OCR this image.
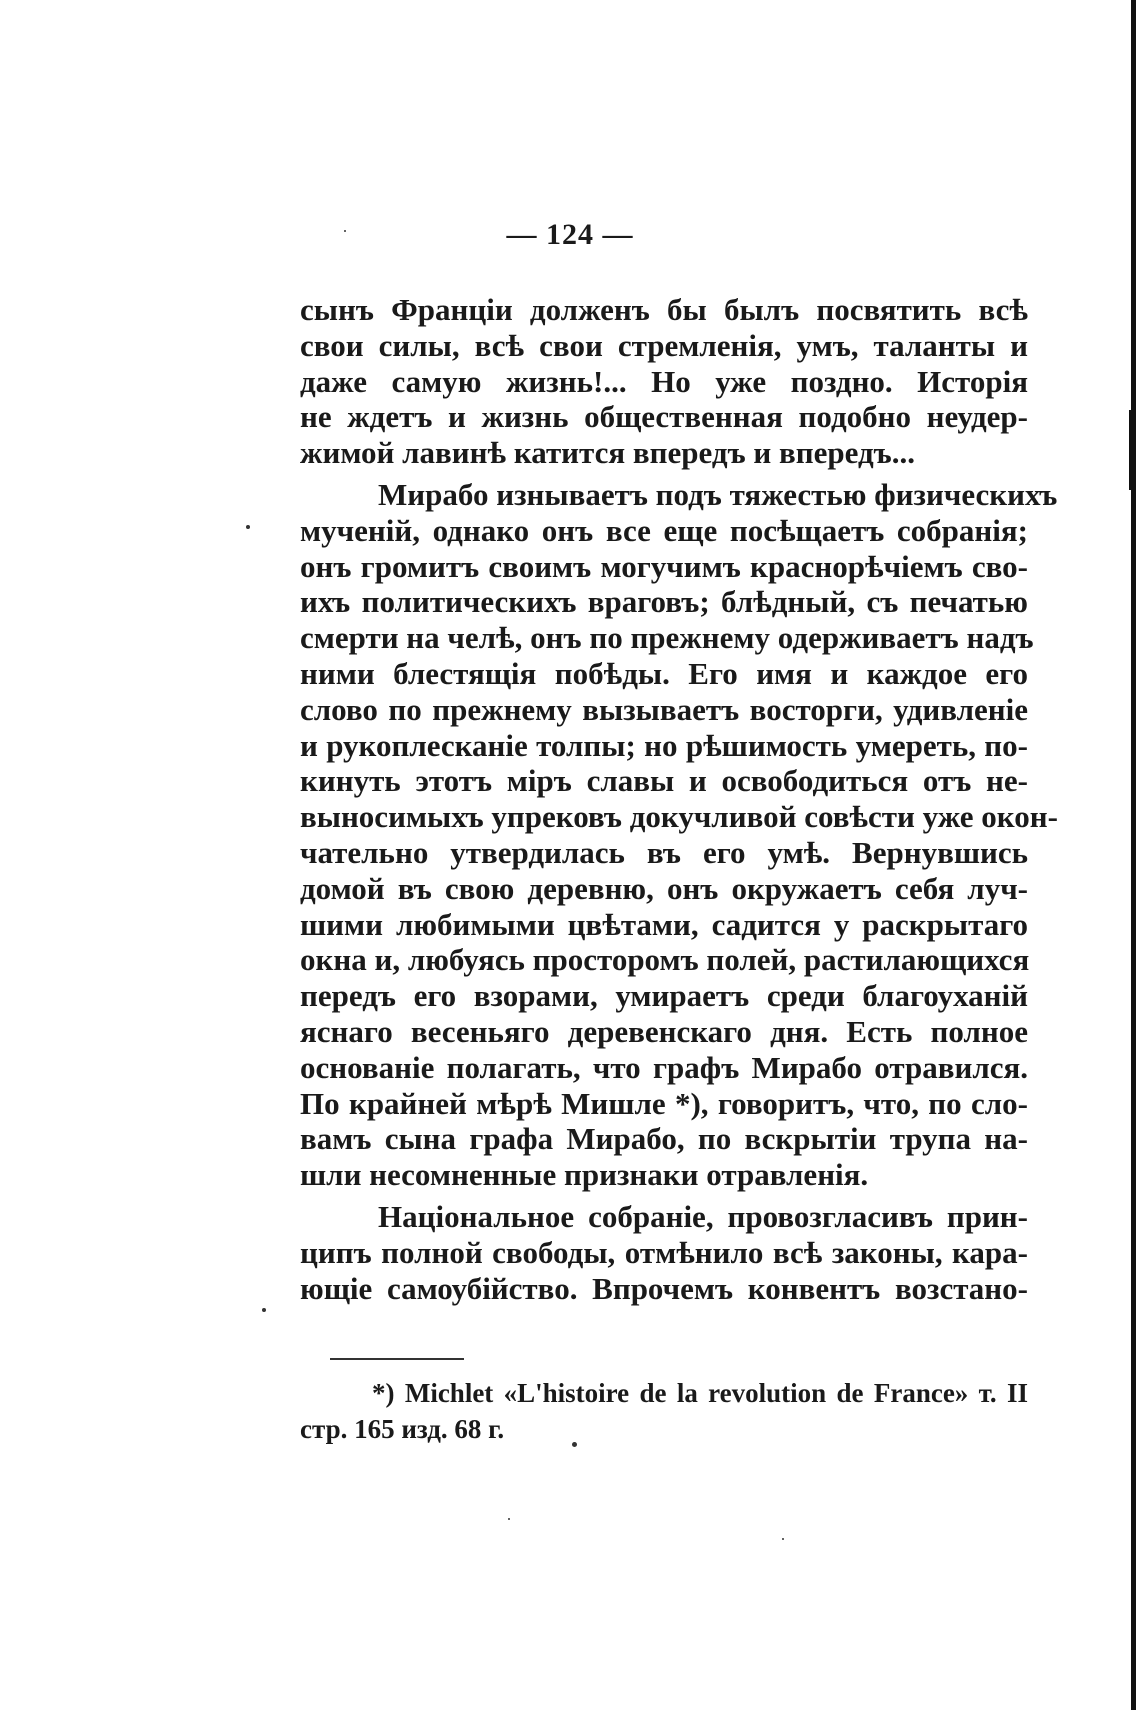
— 124 —

сынъ Франціи долженъ бы былъ посвятить всѣ
свои силы, всѣ свои стремленія, умъ, таланты и
даже самую жизнь!... Но уже поздно. Исторія
не ждетъ и жизнь общественная подобно неудер-
жимой лавинѣ катится впередъ и впередъ...

Мирабо изнываетъ подъ тяжестью физическихъ
мученій, однако онъ все еще посѣщаетъ собранія;
онъ громитъ своимъ могучимъ краснорѣчіемъ сво-
ихъ политическихъ враговъ; блѣдный, съ печатью
смерти на челѣ, онъ по прежнему одерживаетъ надъ
ними блестящія побѣды. Его имя и каждое его
слово по прежнему вызываетъ восторги, удивленіе
и рукоплесканіе толпы; но рѣшимость умереть, по-
кинуть этотъ міръ славы и освободиться отъ не-
выносимыхъ упрековъ докучливой совѣсти уже окон-
чательно утвердилась въ его умѣ. Вернувшись
домой въ свою деревню, онъ окружаетъ себя луч-
шими любимыми цвѣтами, садится у раскрытаго
окна и, любуясь просторомъ полей, растилающихся
передъ его взорами, умираетъ среди благоуханій
яснаго весеньяго деревенскаго дня. Есть полное
основаніе полагать, что графъ Мирабо отравился.
По крайней мѣрѣ Мишле *), говоритъ, что, по сло-
вамъ сына графа Мирабо, по вскрытіи трупа на-
шли несомненные признаки отравленія.

Національное собраніе, провозгласивъ прин-
ципъ полной свободы, отмѣнило всѣ законы, кара-
ющіе самоубійство. Впрочемъ конвентъ возстано-

*) Michlet «L'histoire de la revolution de France» т. II
стр. 165 изд. 68 г.
